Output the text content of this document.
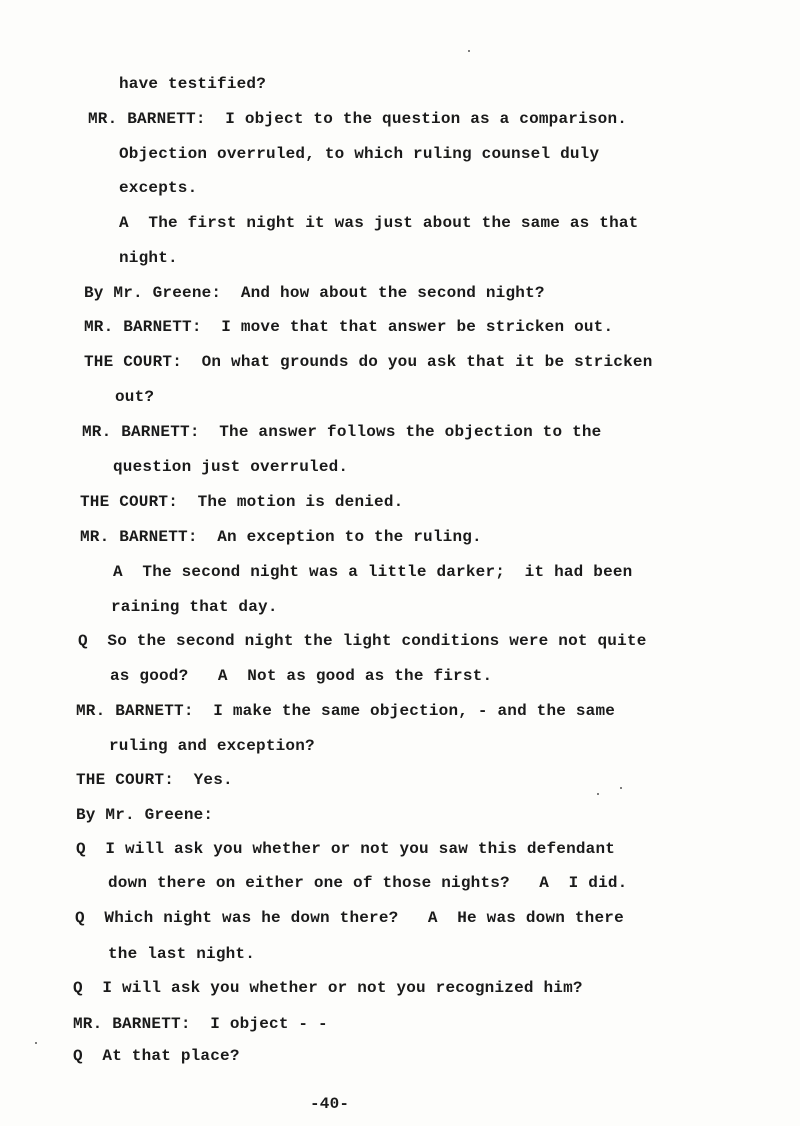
have testified?
MR. BARNETT:  I object to the question as a comparison.
Objection overruled, to which ruling counsel duly
excepts.
A  The first night it was just about the same as that
night.
By Mr. Greene:  And how about the second night?
MR. BARNETT:  I move that that answer be stricken out.
THE COURT:  On what grounds do you ask that it be stricken
out?
MR. BARNETT:  The answer follows the objection to the
question just overruled.
THE COURT:  The motion is denied.
MR. BARNETT:  An exception to the ruling.
A  The second night was a little darker;  it had been
raining that day.
Q  So the second night the light conditions were not quite
as good?   A  Not as good as the first.
MR. BARNETT:  I make the same objection, - and the same
ruling and exception?
THE COURT:  Yes.
By Mr. Greene:
Q  I will ask you whether or not you saw this defendant
down there on either one of those nights?   A  I did.
Q  Which night was he down there?   A  He was down there
the last night.
Q  I will ask you whether or not you recognized him?
MR. BARNETT:  I object - -
Q  At that place?
-40-
